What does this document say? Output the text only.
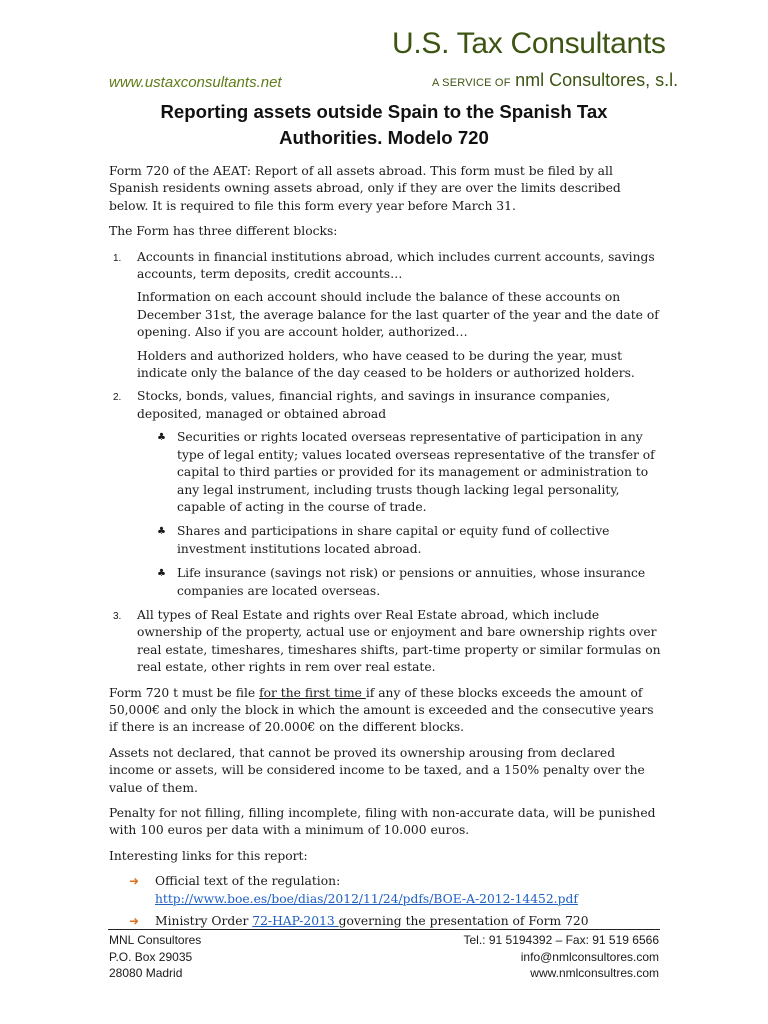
U.S. Tax Consultants
www.ustaxconsultants.net	A SERVICE OF nml Consultores, s.l.
Reporting assets outside Spain to the Spanish Tax
Authorities. Modelo 720

Form 720 of the AEAT: Report of all assets abroad. This form must be filed by all Spanish residents owning assets abroad, only if they are over the limits described below. It is required to file this form every year before March 31.

The Form has three different blocks:

1. Accounts in financial institutions abroad, which includes current accounts, savings accounts, term deposits, credit accounts…

Information on each account should include the balance of these accounts on December 31st, the average balance for the last quarter of the year and the date of opening. Also if you are account holder, authorized…

Holders and authorized holders, who have ceased to be during the year, must indicate only the balance of the day ceased to be holders or authorized holders.

2. Stocks, bonds, values, financial rights, and savings in insurance companies, deposited, managed or obtained abroad

♣ Securities or rights located overseas representative of participation in any type of legal entity; values located overseas representative of the transfer of capital to third parties or provided for its management or administration to any legal instrument, including trusts though lacking legal personality, capable of acting in the course of trade.
♣ Shares and participations in share capital or equity fund of collective investment institutions located abroad.
♣ Life insurance (savings not risk) or pensions or annuities, whose insurance companies are located overseas.
3. All types of Real Estate and rights over Real Estate abroad, which include ownership of the property, actual use or enjoyment and bare ownership rights over real estate, timeshares, timeshares shifts, part-time property or similar formulas on real estate, other rights in rem over real estate.

Form 720 t must be file for the first time if any of these blocks exceeds the amount of 50,000€ and only the block in which the amount is exceeded and the consecutive years if there is an increase of 20.000€ on the different blocks.

Assets not declared, that cannot be proved its ownership arousing from declared income or assets, will be considered income to be taxed, and a 150% penalty over the value of them.

Penalty for not filling, filling incomplete, filing with non-accurate data, will be punished with 100 euros per data with a minimum of 10.000 euros.

Interesting links for this report:

➜ Official text of the regulation:
http://www.boe.es/boe/dias/2012/11/24/pdfs/BOE-A-2012-14452.pdf
➜ Ministry Order 72-HAP-2013 governing the presentation of Form 720
MNL Consultores
P.O. Box 29035
28080 Madrid
Tel.: 91 5194392 – Fax: 91 519 6566
info@nmlconsultores.com
www.nmlconsultres.com
